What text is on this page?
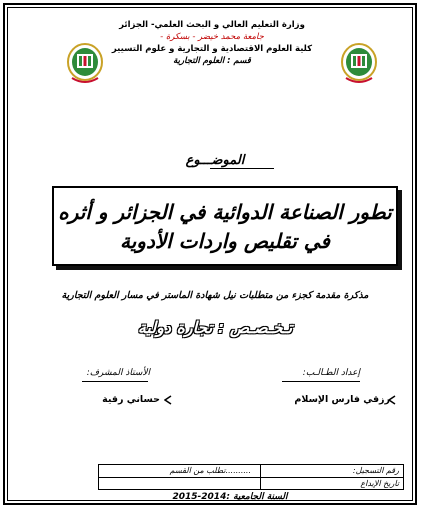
وزارة التعليم العالي و البحث العلمي- الجزائر
جامعة محمد خيضر - بسكرة -
كلية العلوم الاقتصادية و التجارية و علوم التسيير
قسم : العلوم التجارية
الموضـــوع
تطور الصناعة الدوائية في الجزائر و أثره
في تقليص واردات الأدوية
مذكرة مقدمة كجزء من متطلبات نيل شهادة الماستر في مسار العلوم التجارية
تـخـصـص : تجارة دولية
إعداد الطـالـب:
رزقي فارس الإسلام
الأستاذ المشرف:
حساني رقية
رقم التسجيل:
تاريخ الإيداع
..........تطلب من القسم
السنة الجامعية :2014-2015
